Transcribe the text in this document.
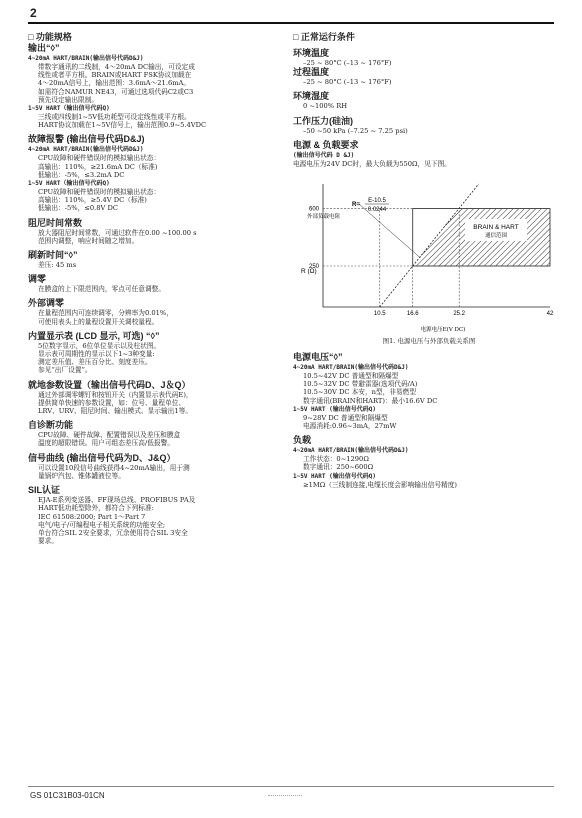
2

□ 功能规格

输出“◊”

4~20mA HART/BRAIN(输出信号代码D&J)

带数字通讯的二线制，4～20mA DC输出，可设定成

线性或者平方根。BRAIN或HART FSK协议加载在

4～20mA信号上，输出范围：3.6mA～21.6mA。

如需符合NAMUR NE43，可通过选项代码C2或C3

预先设定输出限制。

1~5V HART（输出信号代码Q)

三线或四线制1~5V低功耗型可设定线性或平方根。

HART协议加载在1~5V信号上，输出范围0.9~5.4VDC

故障报警 (输出信号代码D&J)

4~20mA HART/BRAIN(输出信号代码D&J)

CPU故障和硬件错误时的模拟输出状态：

高输出：110%，≥21.6mA DC（标准)

低输出：-5%，≤3.2mA DC

1~5V HART（输出信号代码Q)

CPU故障和硬件错误时的模拟输出状态：

高输出：110%，≥5.4V DC（标准)

低输出：-5%，≤0.8V DC

阻尼时间常数

放大器阻尼时间常数，可通过软件在0.00 ~100.00 s

范围内调整，响应时间随之增加。

刷新时间“◊”

差压: 45 ms

调零

在膜盒的上下限范围内，零点可任意调整。

外部调零

在量程范围内可连续调零，分辨率为0.01%，

可使用表头上的量程设置开关调校量程。

内置显示表 (LCD 显示, 可选) “◊”

5位数字显示，6位单位显示以及柱状图。

显示表可周期性的显示以下1~3种变量:

测定差压值、差压百分比、刻度差压。

参见“出厂设置”。

就地参数设置（输出信号代码D、J＆Q）

通过外部调零螺钉和按钮开关（内置显示表代码E)，

提供简单快速的参数设置，如：位号、量程单位、

LRV、URV、阻尼时间、输出模式、显示输出1等。

自诊断功能

CPU故障、硬件故障、配置错误以及差压和膜盒

温度的超限错误。用户可组态差压高/低报警。

信号曲线 (输出信号代码为D、J&Q）

可以设置10段信号曲线获得4~20mA输出，用于测

量锅炉汽包、锥体罐液位等。

SIL认证

EJA-E系列变送器、FF现场总线、PROFIBUS PA及

HART低功耗型除外，都符合下列标准:

IEC 61508:2000; Part 1～Part 7

电气/电子/可编程电子相关系统的功能安全;

单台符合SIL 2安全要求，冗余使用符合SIL 3安全

要求。

□ 正常运行条件

环境温度

–25 ~ 80°C (–13 ~ 176°F)

过程温度

–25 ~ 80°C (–13 ~ 176°F)

环境湿度

0 ~100% RH

工作压力(硅油)

–50 ~50 kPa (–7.25 ~ 7.25 psi)

电源 & 负载要求

(输出信号代码 D &J)

电源电压为24V DC时，最大负载为550Ω，见下图。

10.5	16.6	25.2	42
250
600
R (Ω)
外部负载电阻
电源电压E(V DC)
R=
E-10.5
0.0244
BRAIN & HART
通信范围

图1. 电源电压与外部负载关系图

电源电压“◊”

4~20mA HART/BRAIN(输出信号代码D&J)

10.5~42V DC 普通型和隔爆型

10.5~32V DC 带避雷器(选项代码/A)

10.5~30V DC 本安，n型，非易燃型

数字通讯(BRAIN和HART)：最小16.6V DC

1~5V HART (输出信号代码Q)

9~28V DC 普通型和隔爆型

电源消耗:0.96~3mA，27mW

负载

4~20mA HART/BRAIN(输出信号代码D&J)

工作状态：0~1290Ω

数字通讯：250~600Ω

1~5V HART (输出信号代码Q)

≥1MΩ（三线制连接,电缆长度会影响输出信号精度)

GS 01C31B03-01CN
